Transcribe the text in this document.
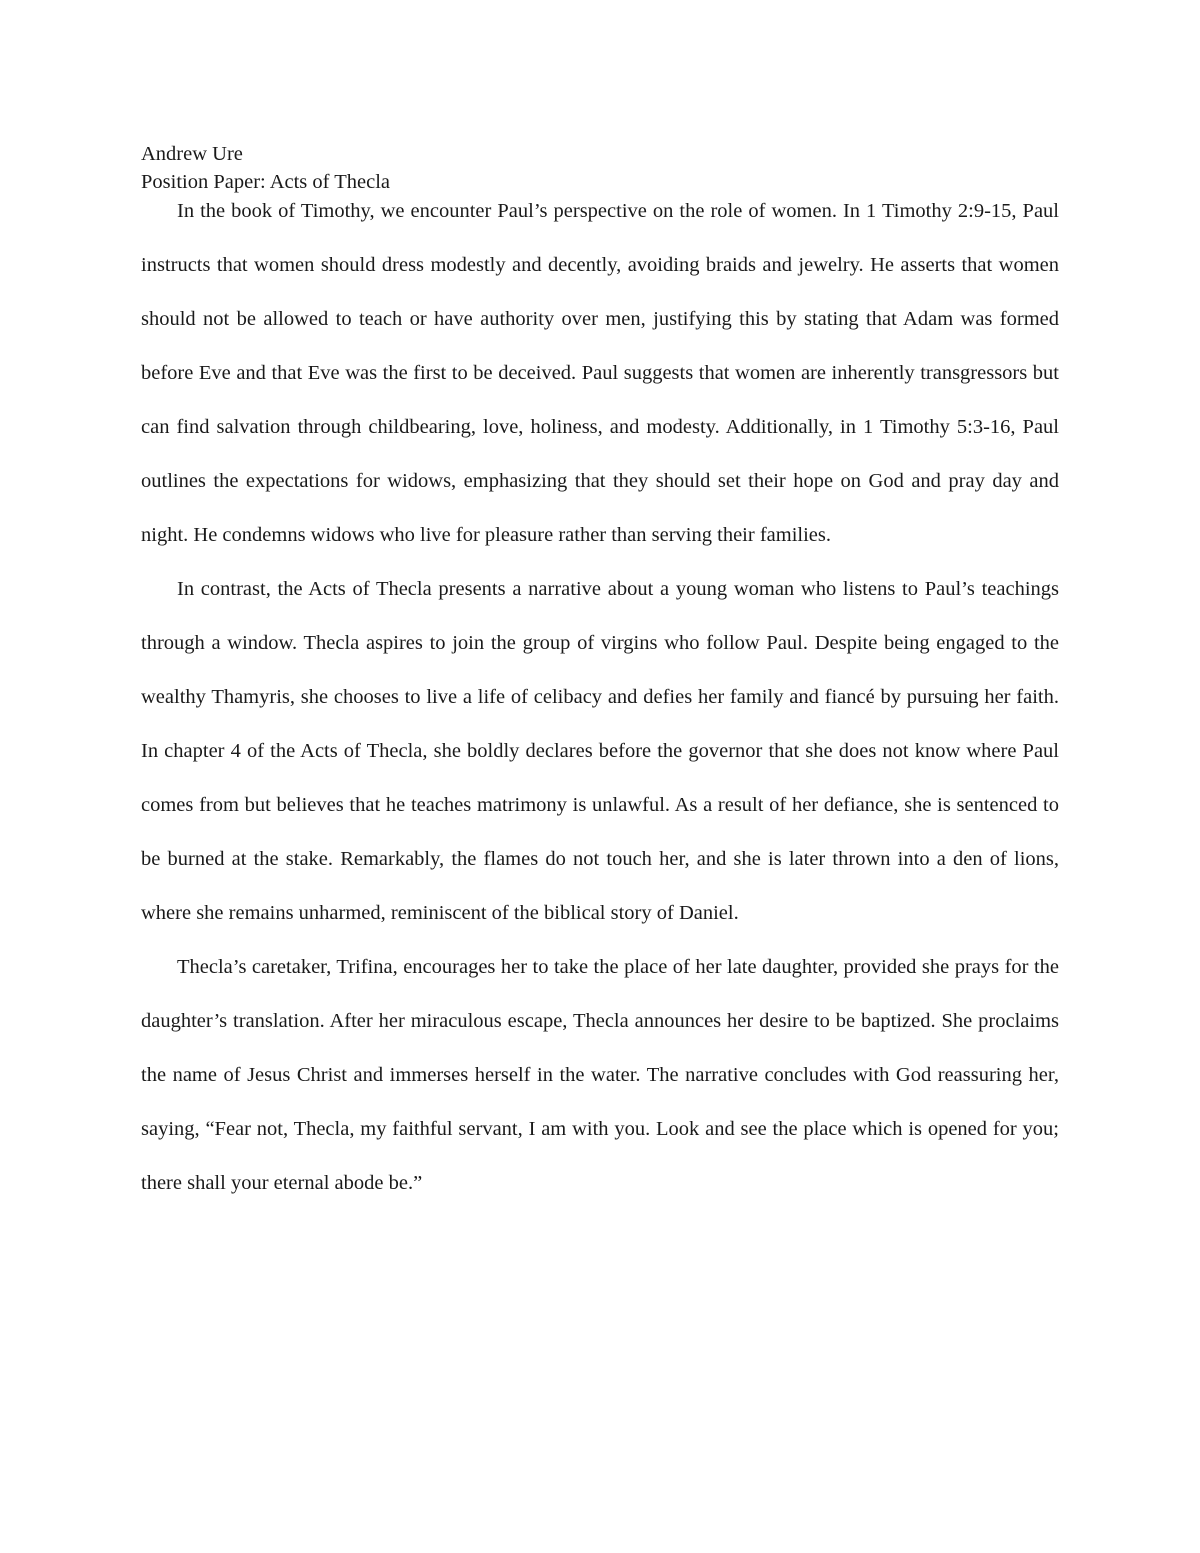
Andrew Ure

Position Paper: Acts of Thecla

In the book of Timothy, we encounter Paul’s perspective on the role of women. In 1 Timothy 2:9-15, Paul instructs that women should dress modestly and decently, avoiding braids and jewelry. He asserts that women should not be allowed to teach or have authority over men, justifying this by stating that Adam was formed before Eve and that Eve was the first to be deceived. Paul suggests that women are inherently transgressors but can find salvation through childbearing, love, holiness, and modesty. Additionally, in 1 Timothy 5:3-16, Paul outlines the expectations for widows, emphasizing that they should set their hope on God and pray day and night. He condemns widows who live for pleasure rather than serving their families.

In contrast, the Acts of Thecla presents a narrative about a young woman who listens to Paul’s teachings through a window. Thecla aspires to join the group of virgins who follow Paul. Despite being engaged to the wealthy Thamyris, she chooses to live a life of celibacy and defies her family and fiancé by pursuing her faith. In chapter 4 of the Acts of Thecla, she boldly declares before the governor that she does not know where Paul comes from but believes that he teaches matrimony is unlawful. As a result of her defiance, she is sentenced to be burned at the stake. Remarkably, the flames do not touch her, and she is later thrown into a den of lions, where she remains unharmed, reminiscent of the biblical story of Daniel.

Thecla’s caretaker, Trifina, encourages her to take the place of her late daughter, provided she prays for the daughter’s translation. After her miraculous escape, Thecla announces her desire to be baptized. She proclaims the name of Jesus Christ and immerses herself in the water. The narrative concludes with God reassuring her, saying, “Fear not, Thecla, my faithful servant, I am with you. Look and see the place which is opened for you; there shall your eternal abode be.”
